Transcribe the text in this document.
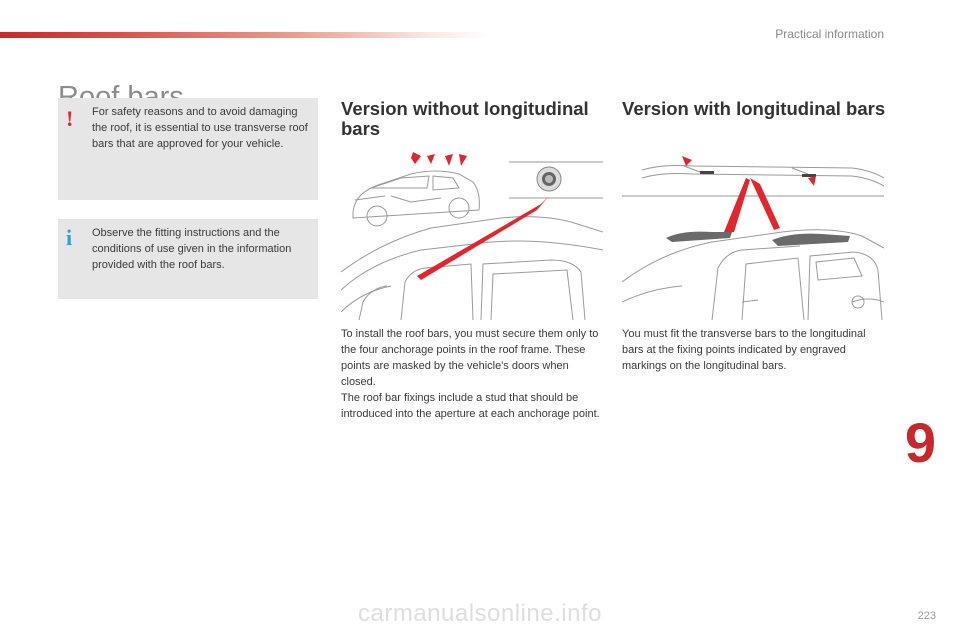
Practical information
! For safety reasons and to avoid damaging the roof, it is essential to use transverse roof bars that are approved for your vehicle.
i Observe the fitting instructions and the conditions of use given in the information provided with the roof bars.
Version without longitudinal bars
Version with longitudinal bars

To install the roof bars, you must secure them only to the four anchorage points in the roof frame. These points are masked by the vehicle's doors when closed.

The roof bar fixings include a stud that should be introduced into the aperture at each anchorage point.

You must fit the transverse bars to the longitudinal bars at the fixing points indicated by engraved markings on the longitudinal bars.

9
223
carmanualsonline.info
